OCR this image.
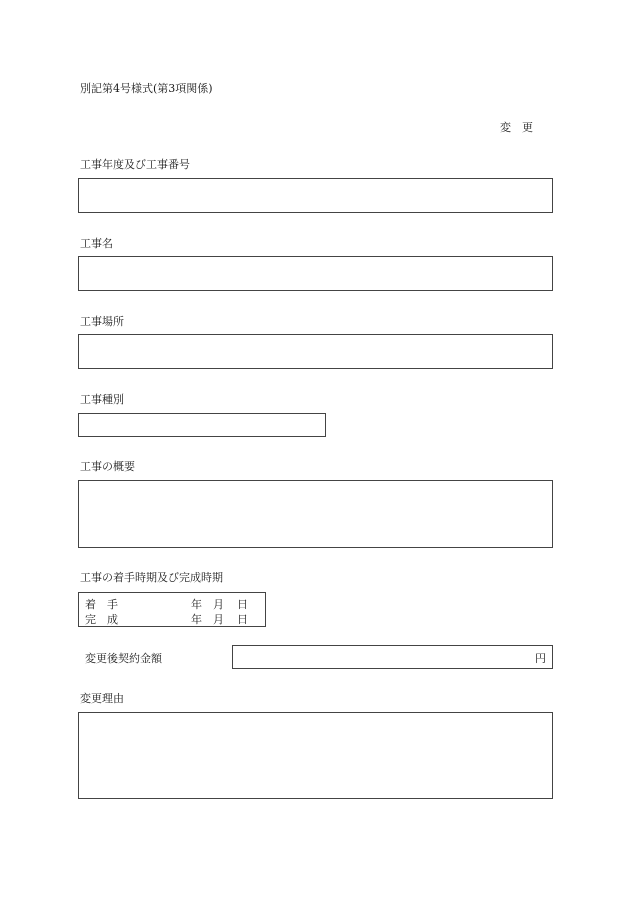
別記第4号様式(第3項関係)
変　更
工事年度及び工事番号
工事名
工事場所
工事種別
工事の概要
工事の着手時期及び完成時期
着　手	年 月 日
完　成	年 月 日
変更後契約金額	円
変更理由
